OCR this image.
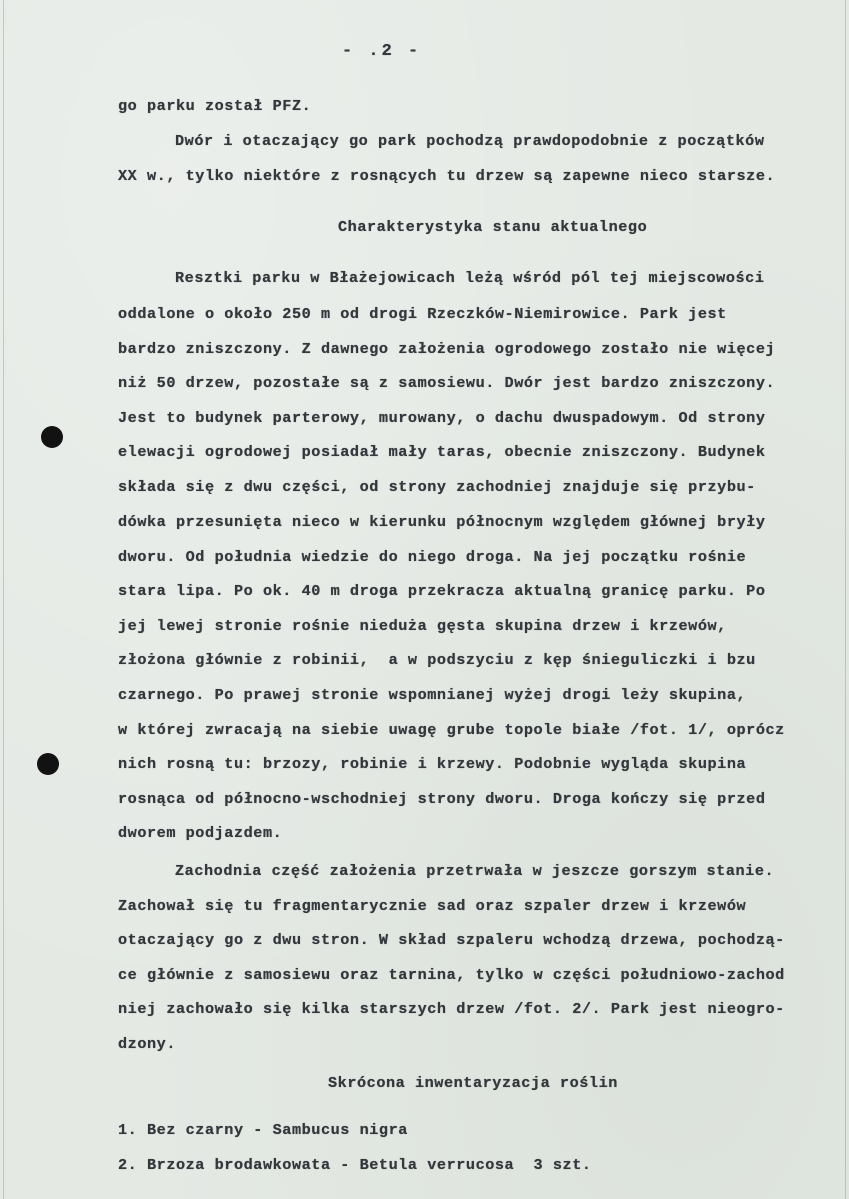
- .2 -
go parku został PFZ.
Dwór i otaczający go park pochodzą prawdopodobnie z początków
XX w., tylko niektóre z rosnących tu drzew są zapewne nieco starsze.
Charakterystyka stanu aktualnego
Resztki parku w Błażejowicach leżą wśród pól tej miejscowości
oddalone o około 250 m od drogi Rzeczków-Niemirowice. Park jest
bardzo zniszczony. Z dawnego założenia ogrodowego zostało nie więcej
niż 50 drzew, pozostałe są z samosiewu. Dwór jest bardzo zniszczony.
Jest to budynek parterowy, murowany, o dachu dwuspadowym. Od strony
elewacji ogrodowej posiadał mały taras, obecnie zniszczony. Budynek
składa się z dwu części, od strony zachodniej znajduje się przybu-
dówka przesunięta nieco w kierunku północnym względem głównej bryły
dworu. Od południa wiedzie do niego droga. Na jej początku rośnie
stara lipa. Po ok. 40 m droga przekracza aktualną granicę parku. Po
jej lewej stronie rośnie nieduża gęsta skupina drzew i krzewów,
złożona głównie z robinii,  a w podszyciu z kęp śnieguliczki i bzu
czarnego. Po prawej stronie wspomnianej wyżej drogi leży skupina,
w której zwracają na siebie uwagę grube topole białe /fot. 1/, oprócz
nich rosną tu: brzozy, robinie i krzewy. Podobnie wygląda skupina
rosnąca od północno-wschodniej strony dworu. Droga kończy się przed
dworem podjazdem.
Zachodnia część założenia przetrwała w jeszcze gorszym stanie.
Zachował się tu fragmentarycznie sad oraz szpaler drzew i krzewów
otaczający go z dwu stron. W skład szpaleru wchodzą drzewa, pochodzą-
ce głównie z samosiewu oraz tarnina, tylko w części południowo-zachod
niej zachowało się kilka starszych drzew /fot. 2/. Park jest nieogro-
dzony.
Skrócona inwentaryzacja roślin
1. Bez czarny - Sambucus nigra
2. Brzoza brodawkowata - Betula verrucosa  3 szt.
